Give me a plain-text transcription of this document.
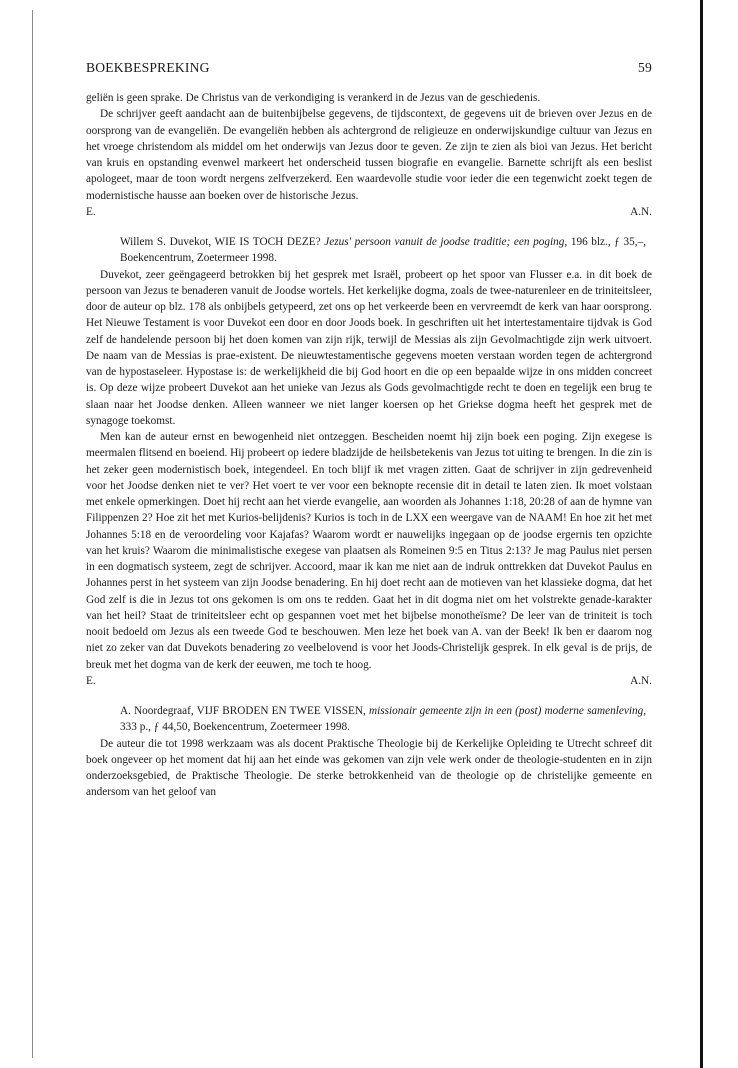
BOEKBESPREKING	59

geliën is geen sprake. De Christus van de verkondiging is verankerd in de Jezus van de geschiedenis.

De schrijver geeft aandacht aan de buitenbijbelse gegevens, de tijdscontext, de gegevens uit de brieven over Jezus en de oorsprong van de evangeliën. De evangeliën hebben als achtergrond de religieuze en onderwijskundige cultuur van Jezus en het vroege christendom als middel om het onderwijs van Jezus door te geven. Ze zijn te zien als bioi van Jezus. Het bericht van kruis en opstanding evenwel markeert het onderscheid tussen biografie en evangelie. Barnette schrijft als een beslist apologeet, maar de toon wordt nergens zelfverzekerd. Een waardevolle studie voor ieder die een tegenwicht zoekt tegen de modernistische hausse aan boeken over de historische Jezus.

E.	A.N.
Willem S. Duvekot, WIE IS TOCH DEZE? Jezus' persoon vanuit de joodse traditie; een poging, 196 blz., ƒ 35,–, Boekencentrum, Zoetermeer 1998.

Duvekot, zeer geëngageerd betrokken bij het gesprek met Israël, probeert op het spoor van Flusser e.a. in dit boek de persoon van Jezus te benaderen vanuit de Joodse wortels. Het kerkelijke dogma, zoals de twee-naturenleer en de triniteitsleer, door de auteur op blz. 178 als onbijbels getypeerd, zet ons op het verkeerde been en vervreemdt de kerk van haar oorsprong. Het Nieuwe Testament is voor Duvekot een door en door Joods boek. In geschriften uit het intertestamentaire tijdvak is God zelf de handelende persoon bij het doen komen van zijn rijk, terwijl de Messias als zijn Gevolmachtigde zijn werk uitvoert. De naam van de Messias is prae-existent. De nieuwtestamentische gegevens moeten verstaan worden tegen de achtergrond van de hypostaseleer. Hypostase is: de werkelijkheid die bij God hoort en die op een bepaalde wijze in ons midden concreet is. Op deze wijze probeert Duvekot aan het unieke van Jezus als Gods gevolmachtigde recht te doen en tegelijk een brug te slaan naar het Joodse denken. Alleen wanneer we niet langer koersen op het Griekse dogma heeft het gesprek met de synagoge toekomst.

Men kan de auteur ernst en bewogenheid niet ontzeggen. Bescheiden noemt hij zijn boek een poging. Zijn exegese is meermalen flitsend en boeiend. Hij probeert op iedere bladzijde de heilsbetekenis van Jezus tot uiting te brengen. In die zin is het zeker geen modernistisch boek, integendeel. En toch blijf ik met vragen zitten. Gaat de schrijver in zijn gedrevenheid voor het Joodse denken niet te ver? Het voert te ver voor een beknopte recensie dit in detail te laten zien. Ik moet volstaan met enkele opmerkingen. Doet hij recht aan het vierde evangelie, aan woorden als Johannes 1:18, 20:28 of aan de hymne van Filippenzen 2? Hoe zit het met Kurios-belijdenis? Kurios is toch in de LXX een weergave van de NAAM! En hoe zit het met Johannes 5:18 en de veroordeling voor Kajafas? Waarom wordt er nauwelijks ingegaan op de joodse ergernis ten opzichte van het kruis? Waarom die minimalistische exegese van plaatsen als Romeinen 9:5 en Titus 2:13? Je mag Paulus niet persen in een dogmatisch systeem, zegt de schrijver. Accoord, maar ik kan me niet aan de indruk onttrekken dat Duvekot Paulus en Johannes perst in het systeem van zijn Joodse benadering. En hij doet recht aan de motieven van het klassieke dogma, dat het God zelf is die in Jezus tot ons gekomen is om ons te redden. Gaat het in dit dogma niet om het volstrekte genade-karakter van het heil? Staat de triniteitsleer echt op gespannen voet met het bijbelse monotheïsme? De leer van de triniteit is toch nooit bedoeld om Jezus als een tweede God te beschouwen. Men leze het boek van A. van der Beek! Ik ben er daarom nog niet zo zeker van dat Duvekots benadering zo veelbelovend is voor het Joods-Christelijk gesprek. In elk geval is de prijs, de breuk met het dogma van de kerk der eeuwen, me toch te hoog.

E.	A.N.
A. Noordegraaf, VIJF BRODEN EN TWEE VISSEN, missionair gemeente zijn in een (post) moderne samenleving, 333 p., ƒ 44,50, Boekencentrum, Zoetermeer 1998.

De auteur die tot 1998 werkzaam was als docent Praktische Theologie bij de Kerkelijke Opleiding te Utrecht schreef dit boek ongeveer op het moment dat hij aan het einde was gekomen van zijn vele werk onder de theologie-studenten en in zijn onderzoeksgebied, de Praktische Theologie. De sterke betrokkenheid van de theologie op de christelijke gemeente en andersom van het geloof van
